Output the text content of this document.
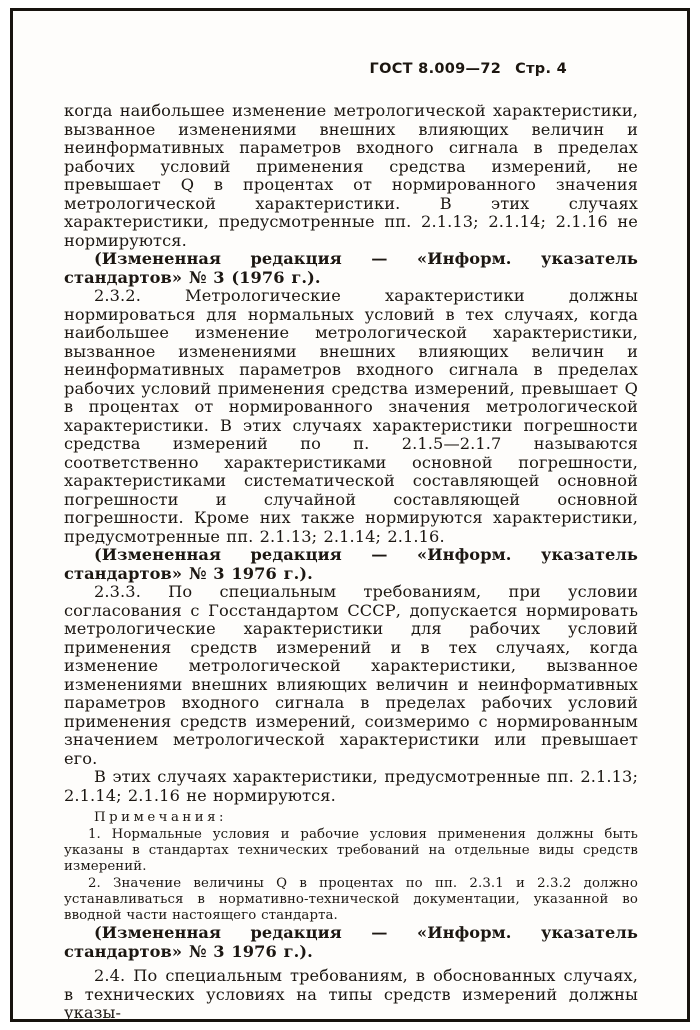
ГОСТ 8.009—72 Стр. 4

когда наибольшее изменение метрологической характеристики, вызванное изменениями внешних влияющих величин и неинформативных параметров входного сигнала в пределах рабочих условий применения средства измерений, не превышает Q в процентах от нормированного значения метрологической характеристики. В этих случаях характеристики, предусмотренные пп. 2.1.13; 2.1.14; 2.1.16 не нормируются.

(Измененная редакция — «Информ. указатель стандартов» № 3 (1976 г.).

2.3.2. Метрологические характеристики должны нормироваться для нормальных условий в тех случаях, когда наибольшее изменение метрологической характеристики, вызванное изменениями внешних влияющих величин и неинформативных параметров входного сигнала в пределах рабочих условий применения средства измерений, превышает Q в процентах от нормированного значения метрологической характеристики. В этих случаях характеристики погрешности средства измерений по п. 2.1.5—2.1.7 называются соответственно характеристиками основной погрешности, характеристиками систематической составляющей основной погрешности и случайной составляющей основной погрешности. Кроме них также нормируются характеристики, предусмотренные пп. 2.1.13; 2.1.14; 2.1.16.

(Измененная редакция — «Информ. указатель стандартов» № 3 1976 г.).

2.3.3. По специальным требованиям, при условии согласования с Госстандартом СССР, допускается нормировать метрологические характеристики для рабочих условий применения средств измерений и в тех случаях, когда изменение метрологической характеристики, вызванное изменениями внешних влияющих величин и неинформативных параметров входного сигнала в пределах рабочих условий применения средств измерений, соизмеримо с нормированным значением метрологической характеристики или превышает его.

В этих случаях характеристики, предусмотренные пп. 2.1.13; 2.1.14; 2.1.16 не нормируются.

Примечания:

1. Нормальные условия и рабочие условия применения должны быть указаны в стандартах технических требований на отдельные виды средств измерений.

2. Значение величины Q в процентах по пп. 2.3.1 и 2.3.2 должно устанавливаться в нормативно-технической документации, указанной во вводной части настоящего стандарта.

(Измененная редакция — «Информ. указатель стандартов» № 3 1976 г.).

2.4. По специальным требованиям, в обоснованных случаях, в технических условиях на типы средств измерений должны указы-
